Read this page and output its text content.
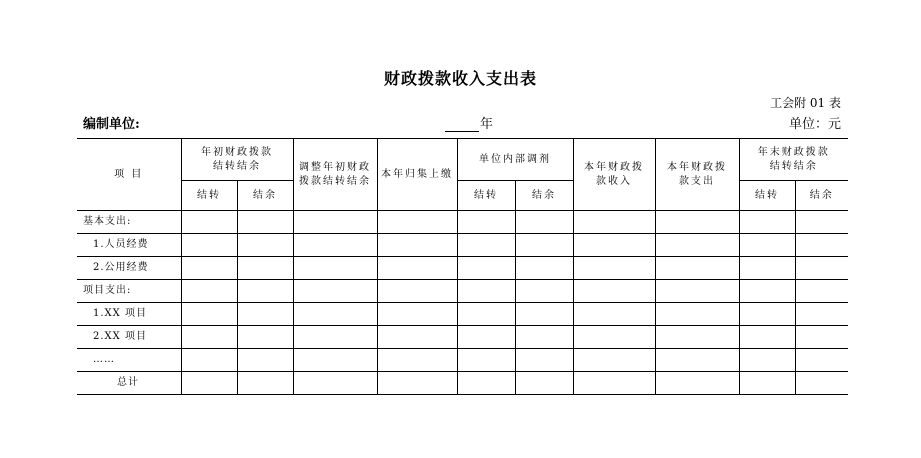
财政拨款收入支出表
工会附 01 表
编制单位:	年	单位：元
项 目	年初财政拨款结转结余		调整年初财政拨款结转结余	本年归集上缴	单位内部调剂		本年财政拨款收入	本年财政拨款支出	年末财政拨款结转结余	
	结转	结余			结转	结余			结转	结余
基本支出:										
1.人员经费										
2.公用经费										
项目支出:										
1.XX 项目										
2.XX 项目										
……										
总计										
